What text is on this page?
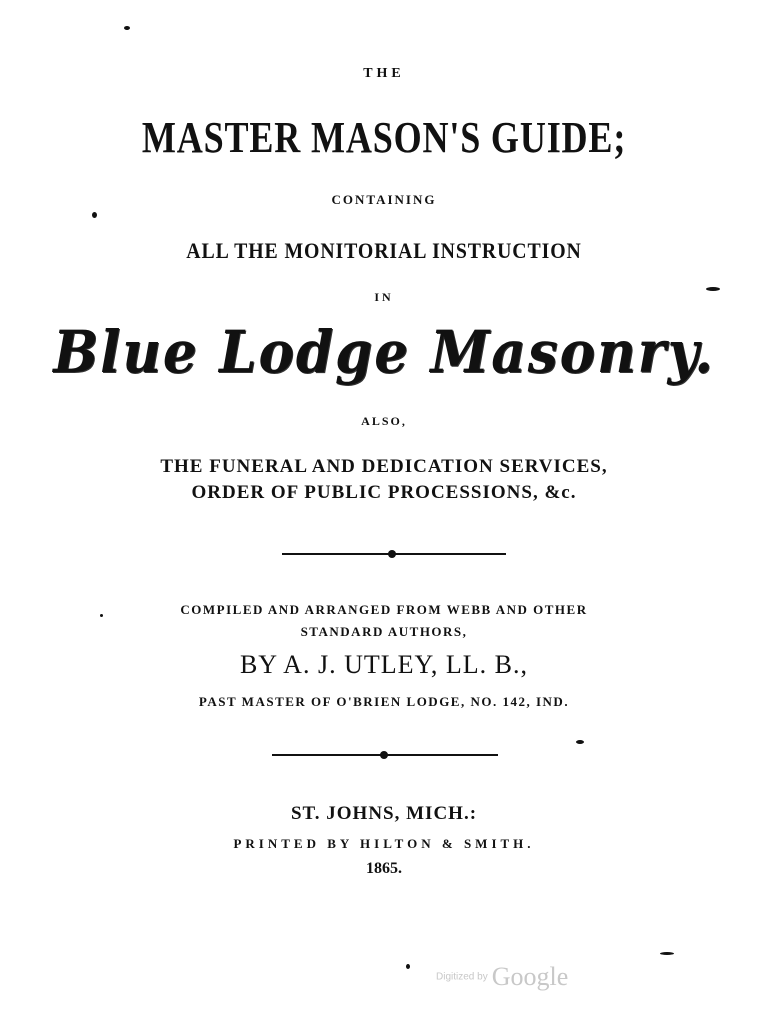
THE
MASTER MASON'S GUIDE;
CONTAINING
ALL THE MONITORIAL INSTRUCTION
IN
Blue Lodge Masonry.
ALSO,
THE FUNERAL AND DEDICATION SERVICES,
ORDER OF PUBLIC PROCESSIONS, &c.
COMPILED AND ARRANGED FROM WEBB AND OTHER
STANDARD AUTHORS,
BY A. J. UTLEY, LL. B.,
PAST MASTER OF O'BRIEN LODGE, NO. 142, IND.
ST. JOHNS, MICH.:
PRINTED BY HILTON & SMITH.
1865.
Digitized by Google
